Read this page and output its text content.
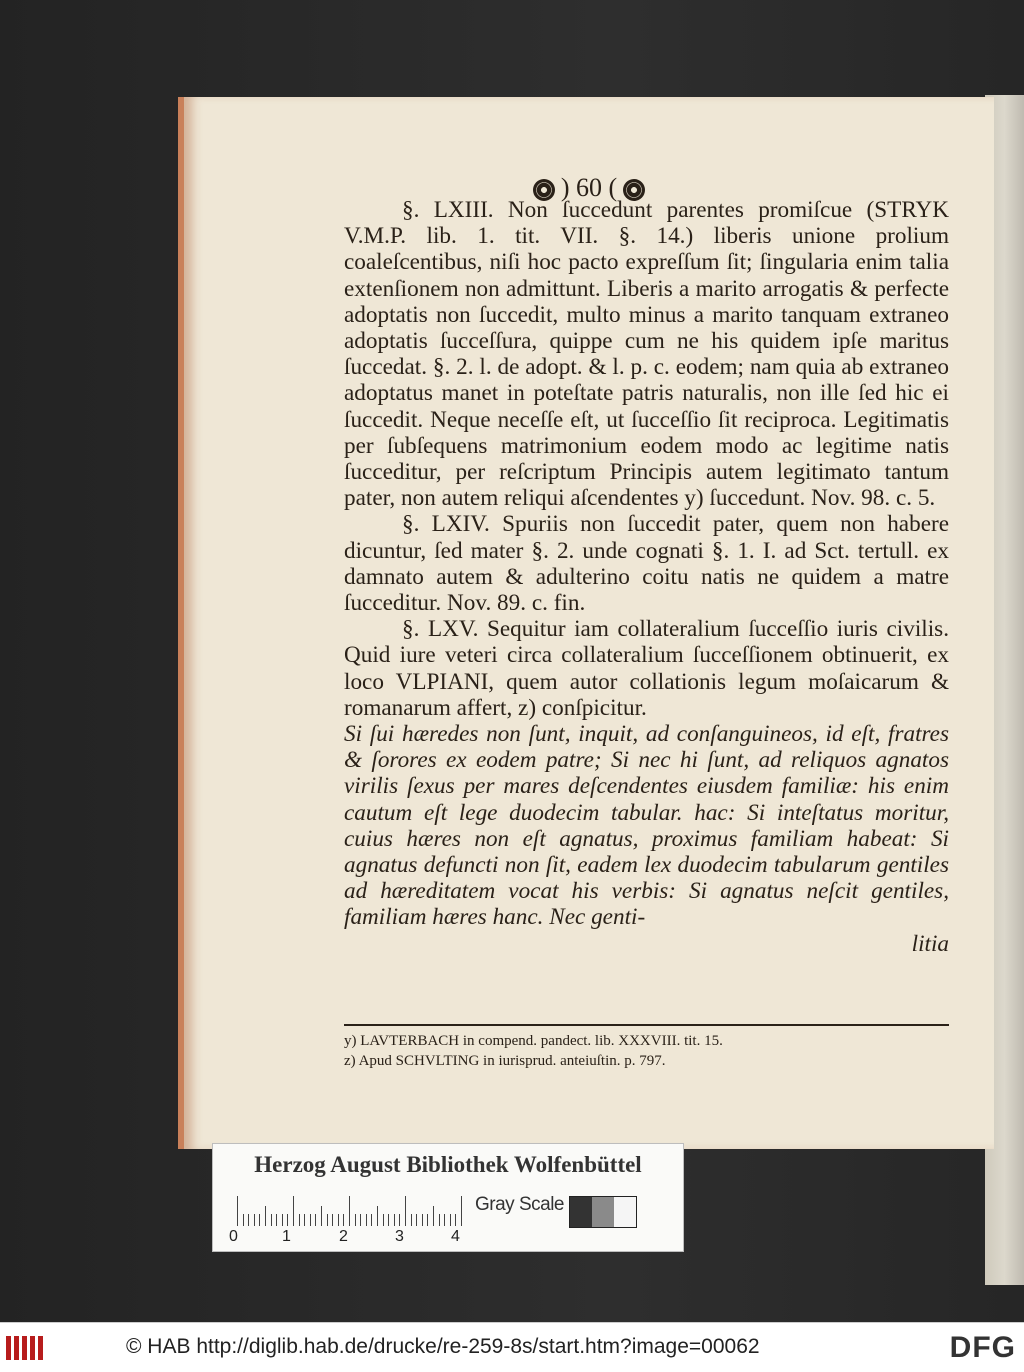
) 60 (

§. LXIII. Non ſuccedunt parentes promiſcue (STRYK V.M.P. lib. 1. tit. VII. §. 14.) liberis unione prolium coaleſcentibus, niſi hoc pacto expreſſum ſit; ſingularia enim talia extenſionem non admittunt. Liberis a marito arrogatis & perfecte adoptatis non ſuccedit, multo minus a marito tanquam extraneo adoptatis ſucceſſura, quippe cum ne his quidem ipſe maritus ſuccedat. §. 2. l. de adopt. & l. p. c. eodem; nam quia ab extraneo adoptatus manet in poteſtate patris naturalis, non ille ſed hic ei ſuccedit. Neque neceſſe eſt, ut ſucceſſio ſit reciproca. Legitimatis per ſubſequens matrimonium eodem modo ac legitime natis ſucceditur, per reſcriptum Principis autem legitimato tantum pater, non autem reliqui aſcendentes y) ſuccedunt. Nov. 98. c. 5.

§. LXIV. Spuriis non ſuccedit pater, quem non habere dicuntur, ſed mater §. 2. unde cognati §. 1. I. ad Sct. tertull. ex damnato autem & adulterino coitu natis ne quidem a matre ſucceditur. Nov. 89. c. fin.

§. LXV. Sequitur iam collateralium ſucceſſio iuris civilis. Quid iure veteri circa collateralium ſucceſſionem obtinuerit, ex loco VLPIANI, quem autor collationis legum moſaicarum & romanarum affert, z) conſpicitur.

Si ſui hæredes non ſunt, inquit, ad conſanguineos, id eſt, fratres & ſorores ex eodem patre; Si nec hi ſunt, ad reliquos agnatos virilis ſexus per mares deſcendentes eiusdem familiæ: his enim cautum eſt lege duodecim tabular. hac: Si inteſtatus moritur, cuius hæres non eſt agnatus, proximus familiam habeat: Si agnatus defuncti non ſit, eadem lex duodecim tabularum gentiles ad hæreditatem vocat his verbis: Si agnatus neſcit gentiles, familiam hæres hanc. Nec genti-

litia
y) LAVTERBACH in compend. pandect. lib. XXXVIII. tit. 15.
z) Apud SCHVLTING in iurisprud. anteiuſtin. p. 797.
Herzog August Bibliothek Wolfenbüttel
0	1	2	3	4
Gray Scale
© HAB http://diglib.hab.de/drucke/re-259-8s/start.htm?image=00062	DFG
